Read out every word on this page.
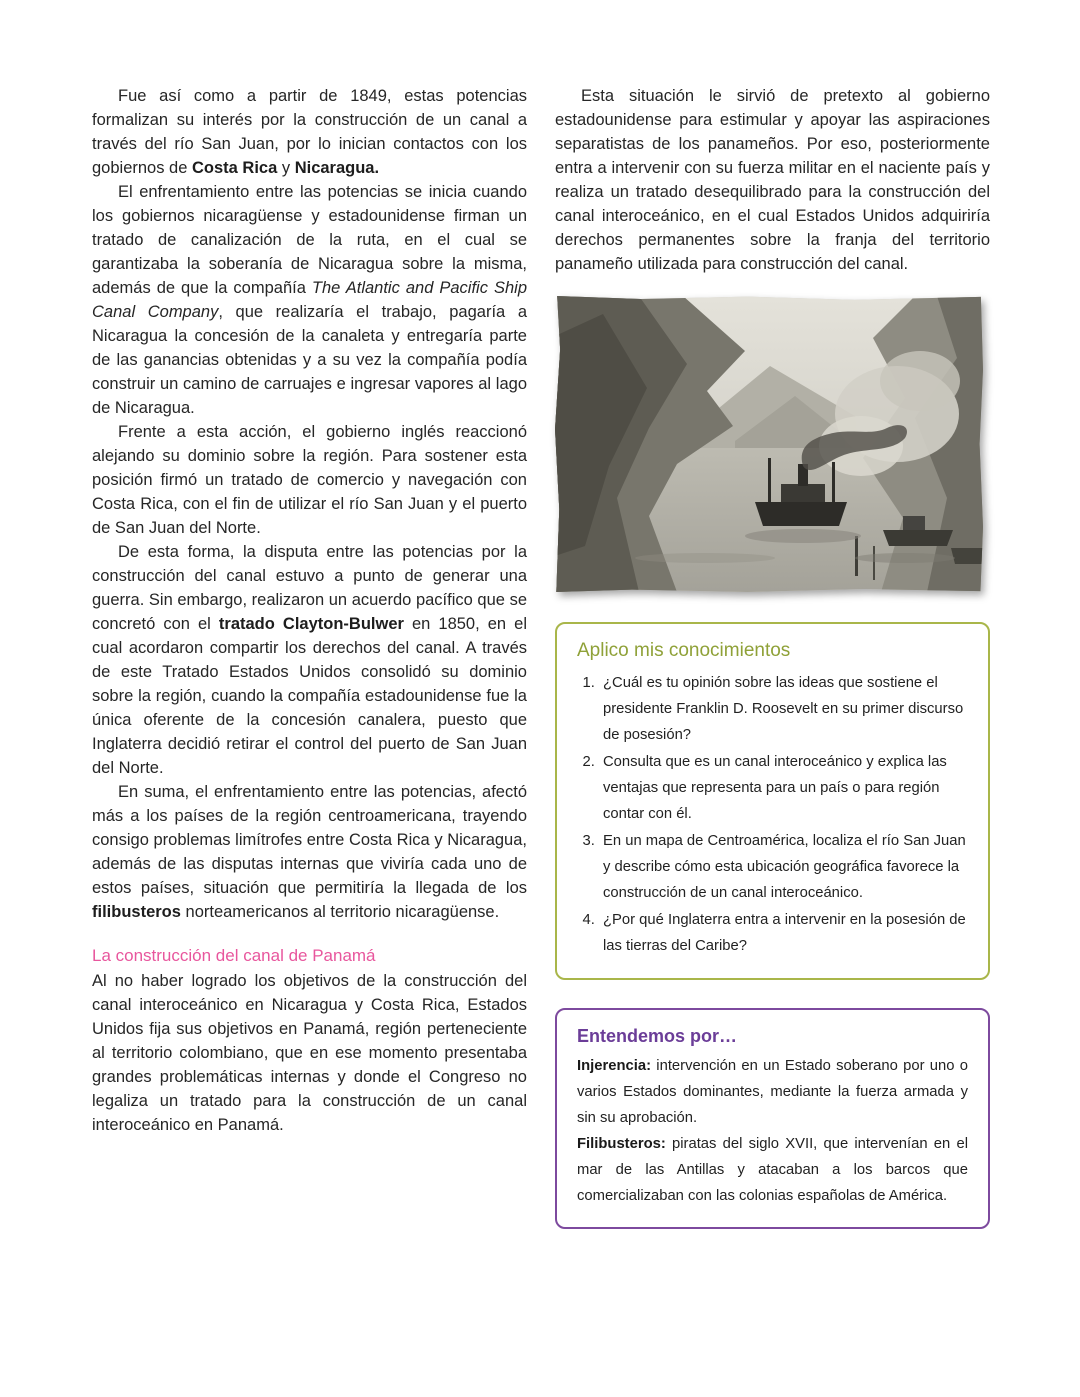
Fue así como a partir de 1849, estas potencias formalizan su interés por la construcción de un canal a través del río San Juan, por lo inician contactos con los gobiernos de Costa Rica y Nicaragua.

El enfrentamiento entre las potencias se inicia cuando los gobiernos nicaragüense y estadounidense firman un tratado de canalización de la ruta, en el cual se garantizaba la soberanía de Nicaragua sobre la misma, además de que la compañía The Atlantic and Pacific Ship Canal Company, que realizaría el trabajo, pagaría a Nicaragua la concesión de la canaleta y entregaría parte de las ganancias obtenidas y a su vez la compañía podía construir un camino de carruajes e ingresar vapores al lago de Nicaragua.

Frente a esta acción, el gobierno inglés reaccionó alejando su dominio sobre la región. Para sostener esta posición firmó un tratado de comercio y navegación con Costa Rica, con el fin de utilizar el río San Juan y el puerto de San Juan del Norte.

De esta forma, la disputa entre las potencias por la construcción del canal estuvo a punto de generar una guerra. Sin embargo, realizaron un acuerdo pacífico que se concretó con el tratado Clayton-Bulwer en 1850, en el cual acordaron compartir los derechos del canal. A través de este Tratado Estados Unidos consolidó su dominio sobre la región, cuando la compañía estadounidense fue la única oferente de la concesión canalera, puesto que Inglaterra decidió retirar el control del puerto de San Juan del Norte.

En suma, el enfrentamiento entre las potencias, afectó más a los países de la región centroamericana, trayendo consigo problemas limítrofes entre Costa Rica y Nicaragua, además de las disputas internas que viviría cada uno de estos países, situación que permitiría la llegada de los filibusteros norteamericanos al territorio nicaragüense.

La construcción del canal de Panamá

Al no haber logrado los objetivos de la construcción del canal interoceánico en Nicaragua y Costa Rica, Estados Unidos fija sus objetivos en Panamá, región perteneciente al territorio colombiano, que en ese momento presentaba grandes problemáticas internas y donde el Congreso no legaliza un tratado para la construcción de un canal interoceánico en Panamá.

Esta situación le sirvió de pretexto al gobierno estadounidense para estimular y apoyar las aspiraciones separatistas de los panameños. Por eso, posteriormente entra a intervenir con su fuerza militar en el naciente país y realiza un tratado desequilibrado para la construcción del canal interoceánico, en el cual Estados Unidos adquiriría derechos permanentes sobre la franja del territorio panameño utilizada para construcción del canal.

Aplico mis conocimientos
1. ¿Cuál es tu opinión sobre las ideas que sostiene el presidente Franklin D. Roosevelt en su primer discurso de posesión?
2. Consulta que es un canal interoceánico y explica las ventajas que representa para un país o para región contar con él.
3. En un mapa de Centroamérica, localiza el río San Juan y describe cómo esta ubicación geográfica favorece la construcción de un canal interoceánico.
4. ¿Por qué Inglaterra entra a intervenir en la posesión de las tierras del Caribe?
Entendemos por…

Injerencia: intervención en un Estado soberano por uno o varios Estados dominantes, mediante la fuerza armada y sin su aprobación.

Filibusteros: piratas del siglo XVII, que intervenían en el mar de las Antillas y atacaban a los barcos que comercializaban con las colonias españolas de América.
